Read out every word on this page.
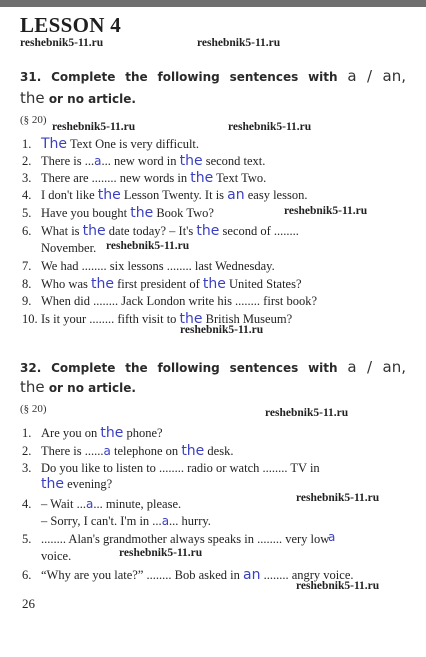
LESSON 4
reshebnik5-11.ru	reshebnik5-11.ru
31. Complete the following sentences with a / an,
the or no article.
(§ 20)
reshebnik5-11.ru	reshebnik5-11.ru
1. The Text One is very difficult.
2. There is ...a... new word in the second text.
3. There are ........ new words in the Text Two.
4. I don't like the Lesson Twenty. It is an easy lesson.
5. Have you bought the Book Two?	reshebnik5-11.ru
6. What is the date today? – It's the second of ........
November. reshebnik5-11.ru
7. We had ........ six lessons ........ last Wednesday.
8. Who was the first president of the United States?
9. When did ........ Jack London write his ........ first book?
10. Is it your ........ fifth visit to the British Museum?
reshebnik5-11.ru
32. Complete the following sentences with a / an,
the or no article.
(§ 20)	reshebnik5-11.ru
1. Are you on the phone?
2. There is ......a telephone on the desk.
3. Do you like to listen to ........ radio or watch ........ TV in
the evening?
4. – Wait ...a... minute, please.	reshebnik5-11.ru
– Sorry, I can't. I'm in ...a... hurry.
5. ........ Alan's grandmother always speaks in ........ very low
a
voice.	reshebnik5-11.ru
6. “Why are you late?” ........ Bob asked in an ........ angry voice.
reshebnik5-11.ru
26
